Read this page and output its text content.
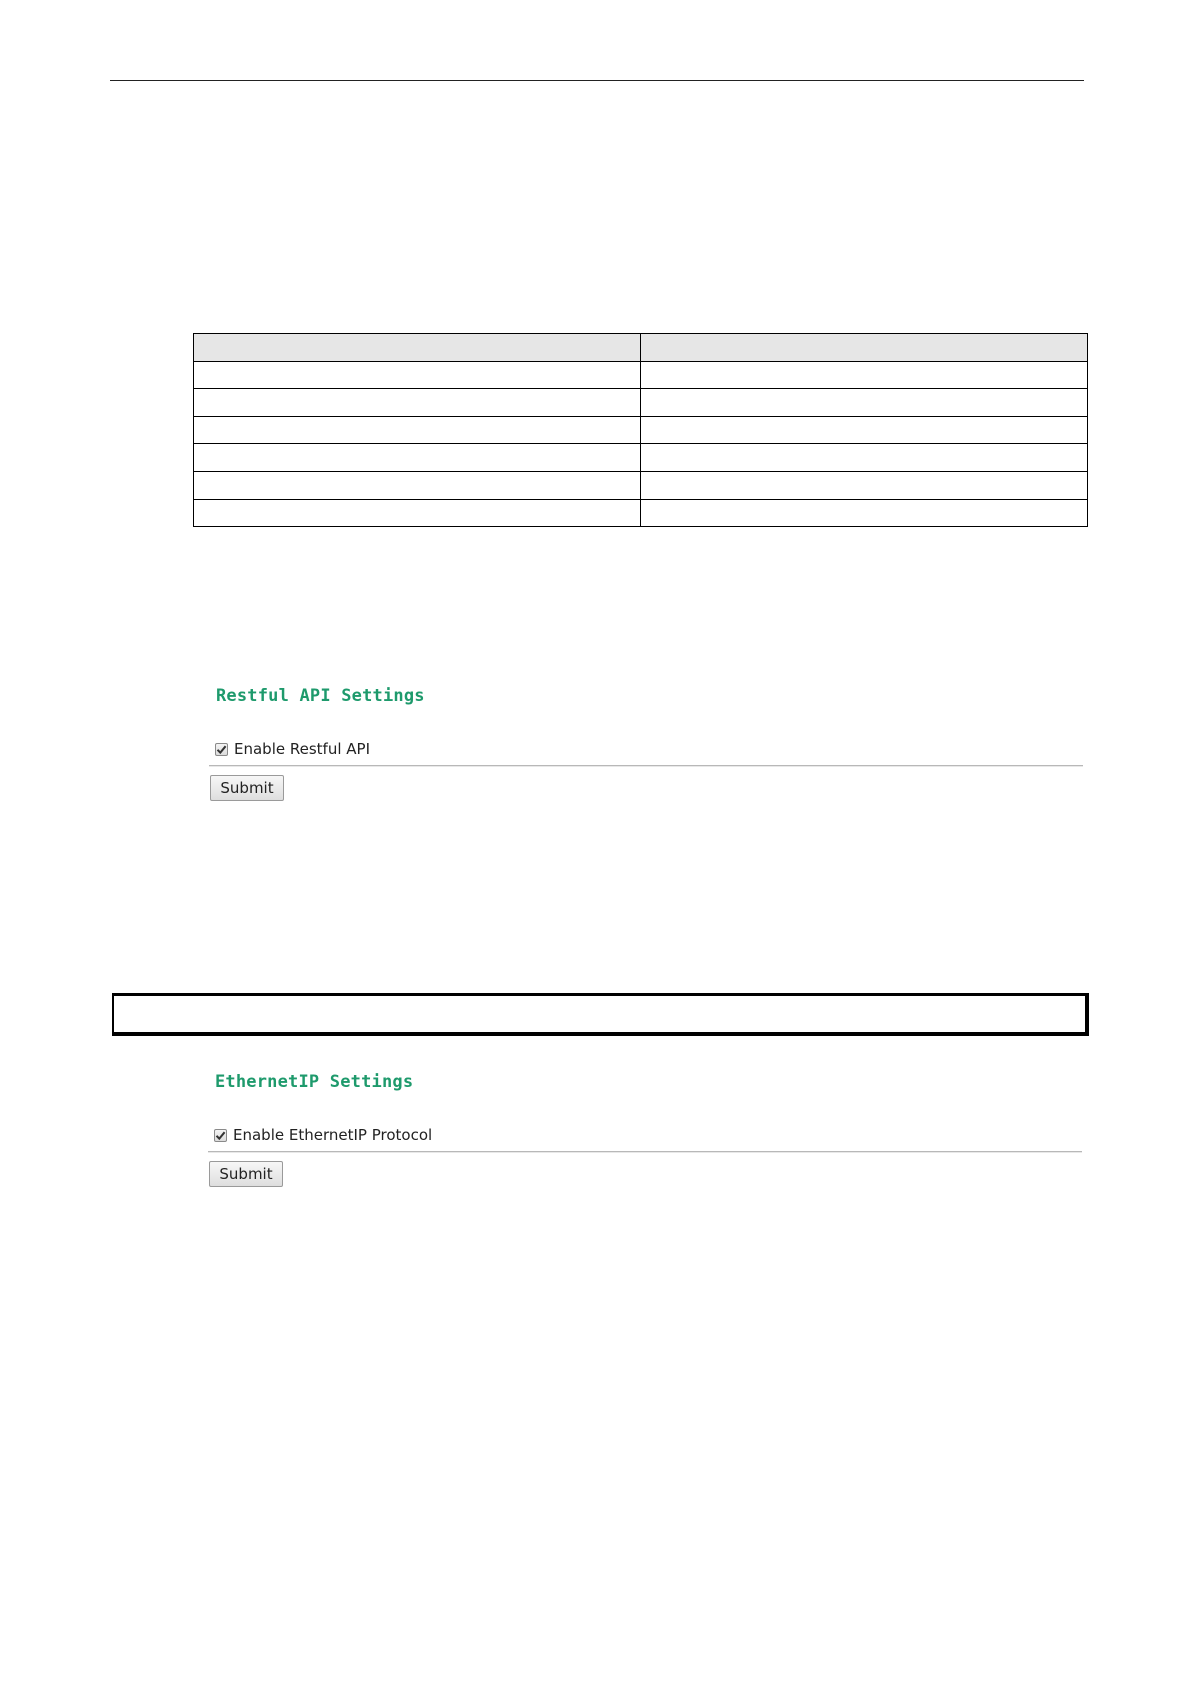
Restful API Settings
Enable Restful API
Submit
EthernetIP Settings
Enable EthernetIP Protocol
Submit
